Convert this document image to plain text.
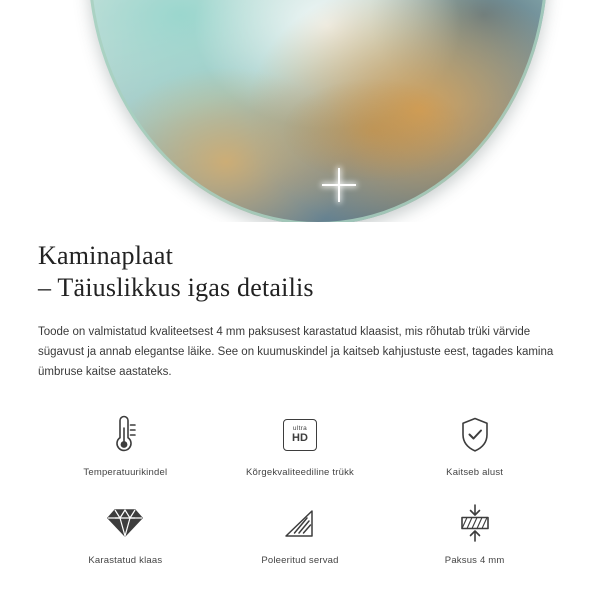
Kaminaplaat
– Täiuslikkus igas detailis

Toode on valmistatud kvaliteetsest 4 mm paksusest karastatud klaasist, mis rõhutab trüki värvide sügavust ja annab elegantse läike. See on kuumuskindel ja kaitseb kahjustuste eest, tagades kamina ümbruse kaitse aastateks.

Temperatuurikindel
ultra
HD
Kõrgekvaliteediline trükk	Kaitseb alust
Karastatud klaas	Poleeritud servad	Paksus 4 mm
